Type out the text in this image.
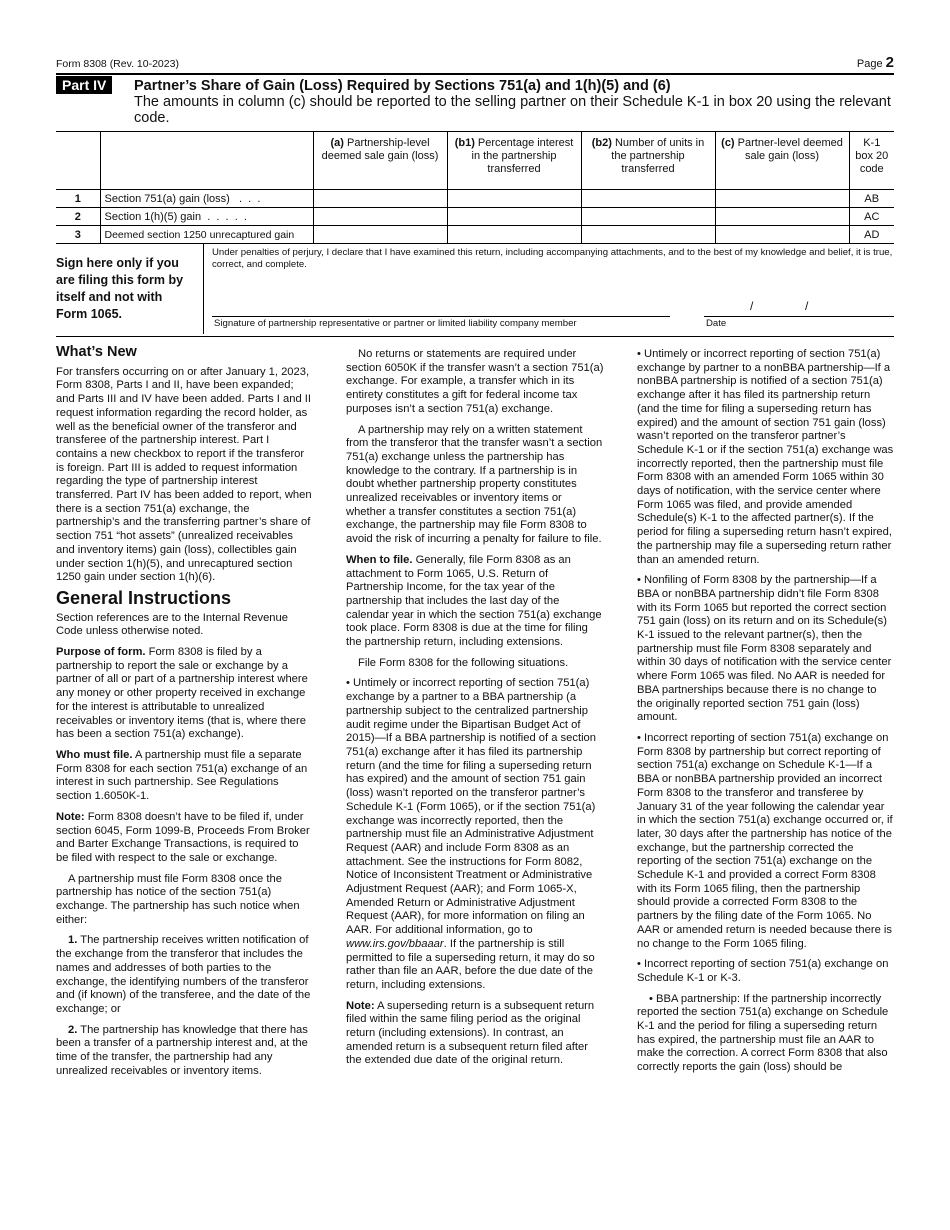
Form 8308 (Rev. 10-2023)	Page 2
Part IV	Partner’s Share of Gain (Loss) Required by Sections 751(a) and 1(h)(5) and (6)
The amounts in column (c) should be reported to the selling partner on their Schedule K-1 in box 20 using the relevant code.
		(a) Partnership-level deemed sale gain (loss)	(b1) Percentage interest in the partnership transferred	(b2) Number of units in the partnership transferred	(c) Partner-level deemed sale gain (loss)	K-1 box 20 code
1	Section 751(a) gain (loss)   .  .  .					AB
2	Section 1(h)(5) gain  .  .  .  .  .					AC
3	Deemed section 1250 unrecaptured gain					AD
Sign here only if you are filing this form by itself and not with Form 1065.
Under penalties of perjury, I declare that I have examined this return, including accompanying attachments, and to the best of my knowledge and belief, it is true, correct, and complete.
/	/
Signature of partnership representative or partner or limited liability company member	Date
What’s New

For transfers occurring on or after January 1, 2023, Form 8308, Parts I and II, have been expanded; and Parts III and IV have been added. Parts I and II request information regarding the record holder, as well as the beneficial owner of the transferor and transferee of the partnership interest. Part I contains a new checkbox to report if the transferor is foreign. Part III is added to request information regarding the type of partnership interest transferred. Part IV has been added to report, when there is a section 751(a) exchange, the partnership’s and the transferring partner’s share of section 751 “hot assets” (unrealized receivables and inventory items) gain (loss), collectibles gain under section 1(h)(5), and unrecaptured section 1250 gain under section 1(h)(6).

General Instructions

Section references are to the Internal Revenue Code unless otherwise noted.

Purpose of form. Form 8308 is filed by a partnership to report the sale or exchange by a partner of all or part of a partnership interest where any money or other property received in exchange for the interest is attributable to unrealized receivables or inventory items (that is, where there has been a section 751(a) exchange).

Who must file. A partnership must file a separate Form 8308 for each section 751(a) exchange of an interest in such partnership. See Regulations section 1.6050K-1.

Note: Form 8308 doesn’t have to be filed if, under section 6045, Form 1099-B, Proceeds From Broker and Barter Exchange Transactions, is required to be filed with respect to the sale or exchange.

A partnership must file Form 8308 once the partnership has notice of the section 751(a) exchange. The partnership has such notice when either:

1. The partnership receives written notification of the exchange from the transferor that includes the names and addresses of both parties to the exchange, the identifying numbers of the transferor and (if known) of the transferee, and the date of the exchange; or

2. The partnership has knowledge that there has been a transfer of a partnership interest and, at the time of the transfer, the partnership had any unrealized receivables or inventory items.

No returns or statements are required under section 6050K if the transfer wasn’t a section 751(a) exchange. For example, a transfer which in its entirety constitutes a gift for federal income tax purposes isn’t a section 751(a) exchange.

A partnership may rely on a written statement from the transferor that the transfer wasn’t a section 751(a) exchange unless the partnership has knowledge to the contrary. If a partnership is in doubt whether partnership property constitutes unrealized receivables or inventory items or whether a transfer constitutes a section 751(a) exchange, the partnership may file Form 8308 to avoid the risk of incurring a penalty for failure to file.

When to file. Generally, file Form 8308 as an attachment to Form 1065, U.S. Return of Partnership Income, for the tax year of the partnership that includes the last day of the calendar year in which the section 751(a) exchange took place. Form 8308 is due at the time for filing the partnership return, including extensions.

File Form 8308 for the following situations.

• Untimely or incorrect reporting of section 751(a) exchange by a partner to a BBA partnership (a partnership subject to the centralized partnership audit regime under the Bipartisan Budget Act of 2015)—If a BBA partnership is notified of a section 751(a) exchange after it has filed its partnership return (and the time for filing a superseding return has expired) and the amount of section 751 gain (loss) wasn’t reported on the transferor partner’s Schedule K-1 (Form 1065), or if the section 751(a) exchange was incorrectly reported, then the partnership must file an Administrative Adjustment Request (AAR) and include Form 8308 as an attachment. See the instructions for Form 8082, Notice of Inconsistent Treatment or Administrative Adjustment Request (AAR); and Form 1065-X, Amended Return or Administrative Adjustment Request (AAR), for more information on filing an AAR. For additional information, go to www.irs.gov/bbaaar. If the partnership is still permitted to file a superseding return, it may do so rather than file an AAR, before the due date of the return, including extensions.

Note: A superseding return is a subsequent return filed within the same filing period as the original return (including extensions). In contrast, an amended return is a subsequent return filed after the extended due date of the original return.

• Untimely or incorrect reporting of section 751(a) exchange by partner to a nonBBA partnership—If a nonBBA partnership is notified of a section 751(a) exchange after it has filed its partnership return (and the time for filing a superseding return has expired) and the amount of section 751 gain (loss) wasn’t reported on the transferor partner’s Schedule K-1 or if the section 751(a) exchange was incorrectly reported, then the partnership must file Form 8308 with an amended Form 1065 within 30 days of notification, with the service center where Form 1065 was filed, and provide amended Schedule(s) K-1 to the affected partner(s). If the period for filing a superseding return hasn’t expired, the partnership may file a superseding return rather than an amended return.

• Nonfiling of Form 8308 by the partnership—If a BBA or nonBBA partnership didn’t file Form 8308 with its Form 1065 but reported the correct section 751 gain (loss) on its return and on its Schedule(s) K-1 issued to the relevant partner(s), then the partnership must file Form 8308 separately and within 30 days of notification with the service center where Form 1065 was filed. No AAR is needed for BBA partnerships because there is no change to the originally reported section 751 gain (loss) amount.

• Incorrect reporting of section 751(a) exchange on Form 8308 by partnership but correct reporting of section 751(a) exchange on Schedule K-1—If a BBA or nonBBA partnership provided an incorrect Form 8308 to the transferor and transferee by January 31 of the year following the calendar year in which the section 751(a) exchange occurred or, if later, 30 days after the partnership has notice of the exchange, but the partnership corrected the reporting of the section 751(a) exchange on the Schedule K-1 and provided a correct Form 8308 with its Form 1065 filing, then the partnership should provide a corrected Form 8308 to the partners by the filing date of the Form 1065. No AAR or amended return is needed because there is no change to the Form 1065 filing.

• Incorrect reporting of section 751(a) exchange on Schedule K-1 or K-3.

• BBA partnership: If the partnership incorrectly reported the section 751(a) exchange on Schedule K-1 and the period for filing a superseding return has expired, the partnership must file an AAR to make the correction. A correct Form 8308 that also correctly reports the gain (loss) should be
